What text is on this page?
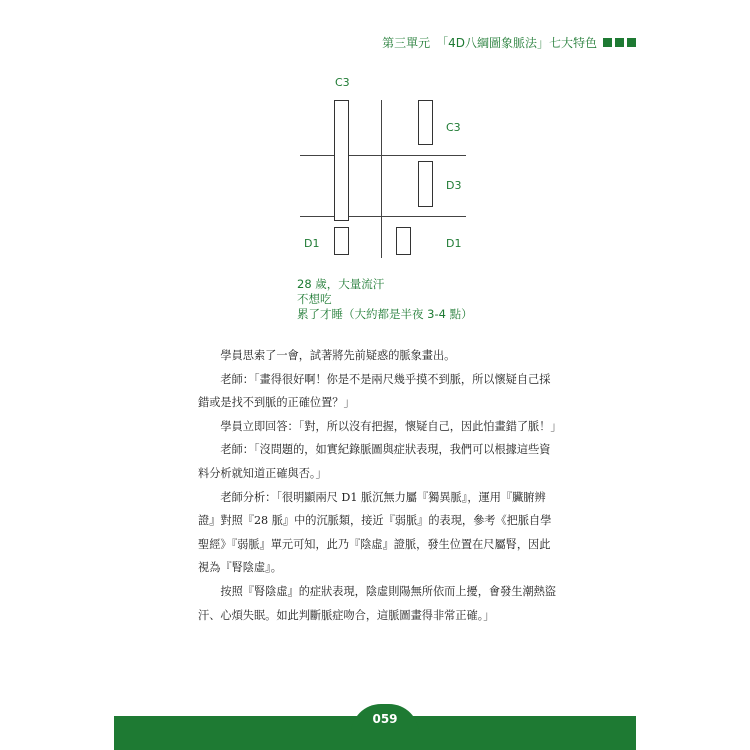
第三單元　「4D八綱圖象脈法」七大特色
C3
C3
D3
D1	D1
28 歲，大量流汗
不想吃
累了才睡（大約都是半夜 3-4 點）

學員思索了一會，試著將先前疑惑的脈象畫出。

老師：「畫得很好啊！你是不是兩尺幾乎摸不到脈，所以懷疑自己採錯或是找不到脈的正確位置？」

學員立即回答：「對，所以沒有把握，懷疑自己，因此怕畫錯了脈！」

老師：「沒問題的，如實紀錄脈圖與症狀表現，我們可以根據這些資料分析就知道正確與否。」

老師分析：「很明顯兩尺 D1 脈沉無力屬『獨異脈』，運用『臟腑辨證』對照『28 脈』中的沉脈類，接近『弱脈』的表現，參考《把脈自學聖經》『弱脈』單元可知，此乃『陰虛』證脈，發生位置在尺屬腎，因此視為『腎陰虛』。

按照『腎陰虛』的症狀表現，陰虛則陽無所依而上擾，會發生潮熱盜汗、心煩失眠。如此判斷脈症吻合，這脈圖畫得非常正確。」

059
